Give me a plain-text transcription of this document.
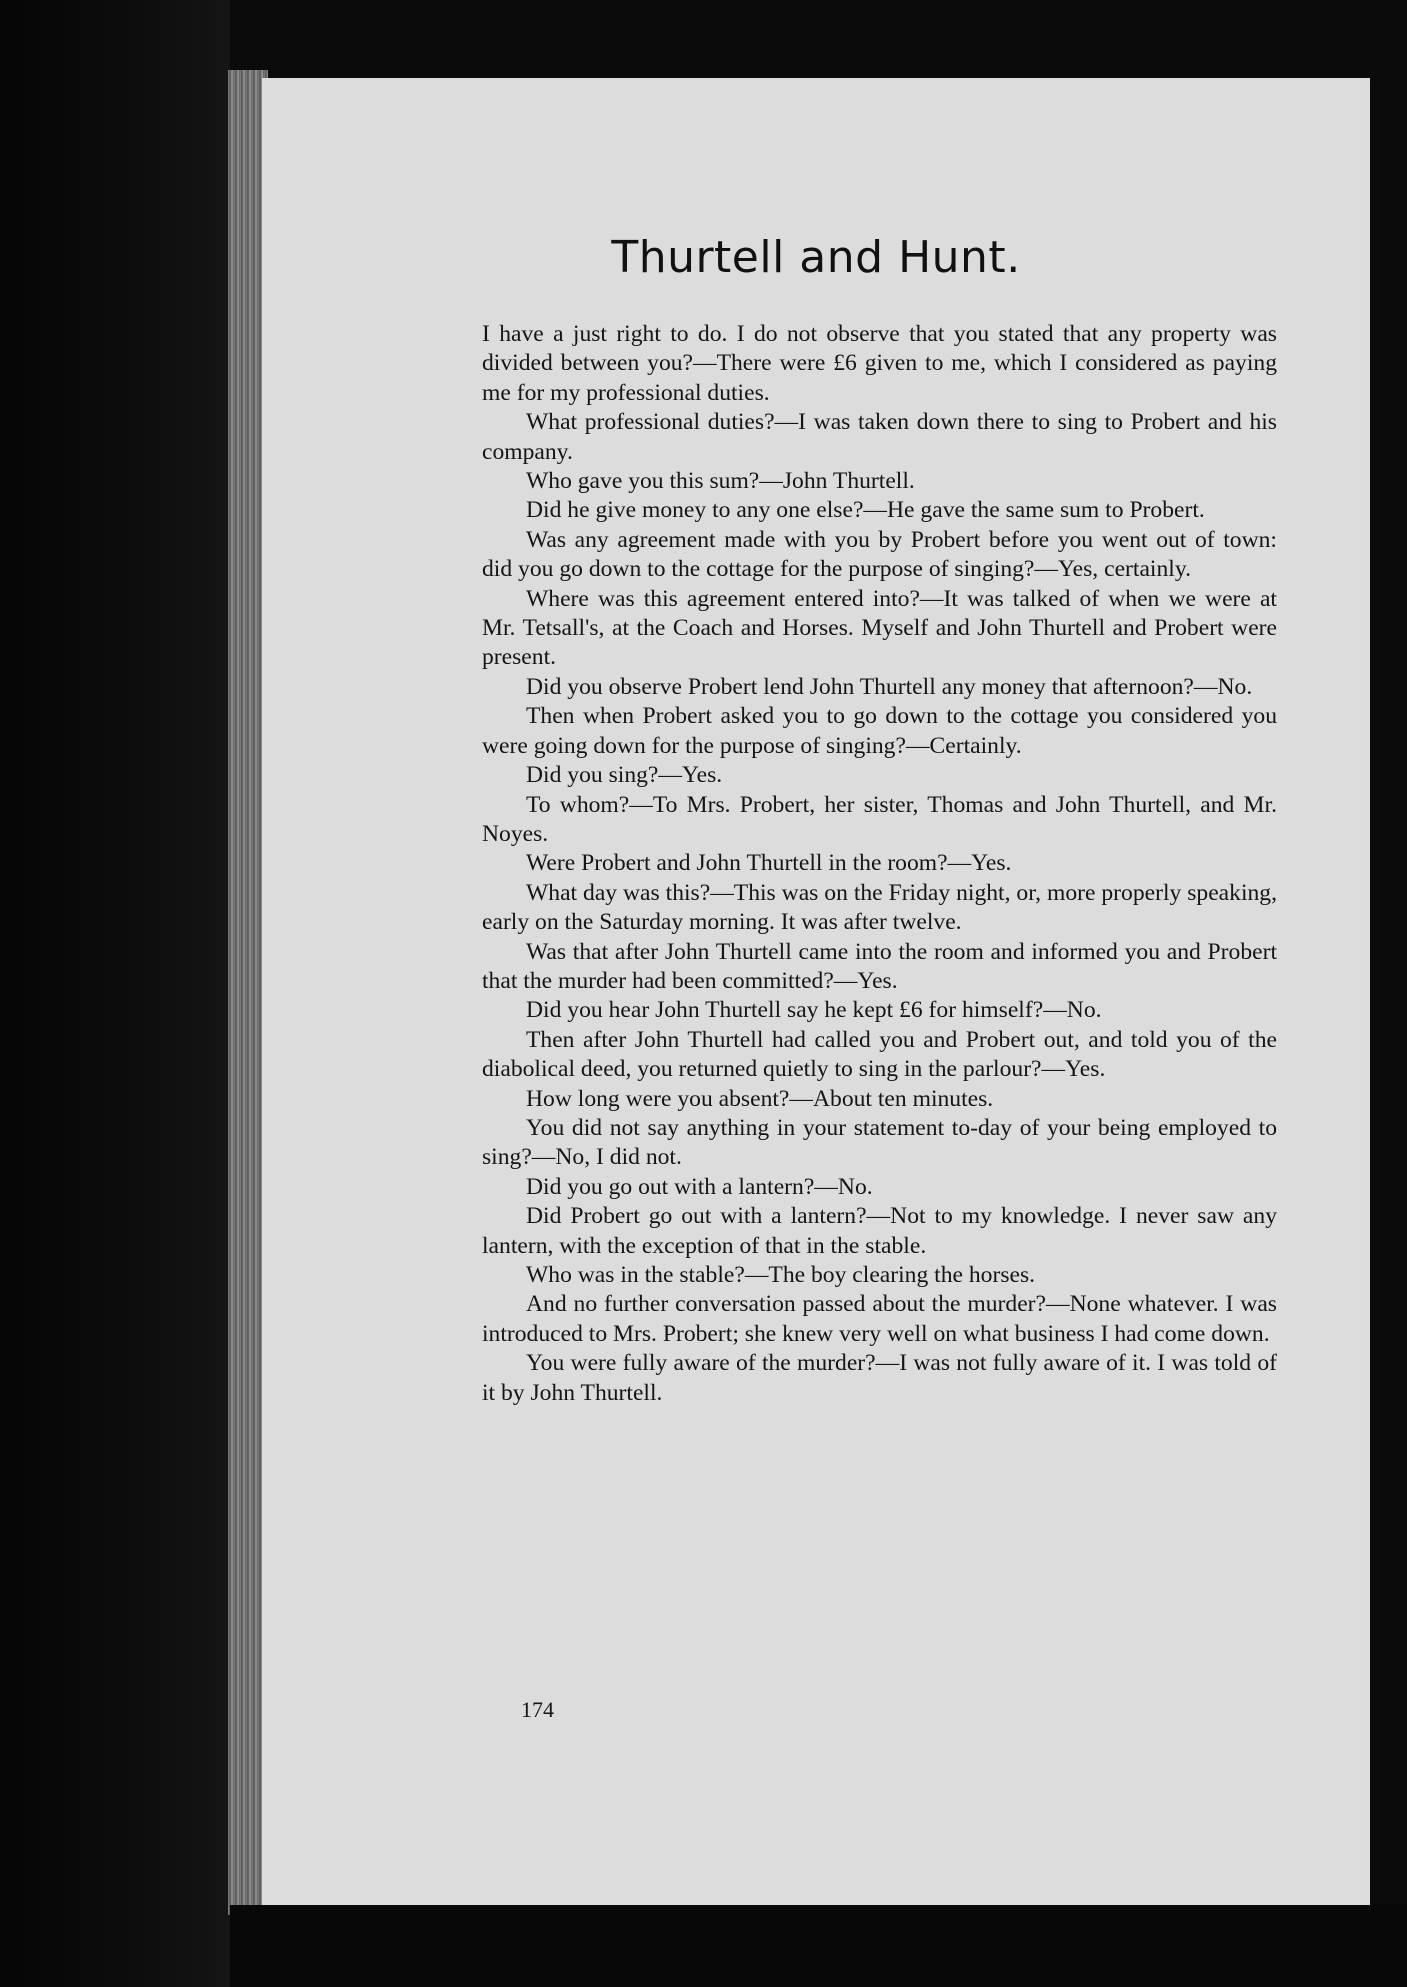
Thurtell and Hunt.

I have a just right to do. I do not observe that you stated that any property was divided between you?—There were £6 given to me, which I considered as paying me for my professional duties.

What professional duties?—I was taken down there to sing to Probert and his company.

Who gave you this sum?—John Thurtell.

Did he give money to any one else?—He gave the same sum to Probert.

Was any agreement made with you by Probert before you went out of town: did you go down to the cottage for the purpose of singing?—Yes, certainly.

Where was this agreement entered into?—It was talked of when we were at Mr. Tetsall's, at the Coach and Horses. Myself and John Thurtell and Probert were present.

Did you observe Probert lend John Thurtell any money that afternoon?—No.

Then when Probert asked you to go down to the cottage you considered you were going down for the purpose of singing?—Certainly.

Did you sing?—Yes.

To whom?—To Mrs. Probert, her sister, Thomas and John Thurtell, and Mr. Noyes.

Were Probert and John Thurtell in the room?—Yes.

What day was this?—This was on the Friday night, or, more properly speaking, early on the Saturday morning. It was after twelve.

Was that after John Thurtell came into the room and informed you and Probert that the murder had been committed?—Yes.

Did you hear John Thurtell say he kept £6 for himself?—No.

Then after John Thurtell had called you and Probert out, and told you of the diabolical deed, you returned quietly to sing in the parlour?—Yes.

How long were you absent?—About ten minutes.

You did not say anything in your statement to-day of your being employed to sing?—No, I did not.

Did you go out with a lantern?—No.

Did Probert go out with a lantern?—Not to my knowledge. I never saw any lantern, with the exception of that in the stable.

Who was in the stable?—The boy clearing the horses.

And no further conversation passed about the murder?—None whatever. I was introduced to Mrs. Probert; she knew very well on what business I had come down.

You were fully aware of the murder?—I was not fully aware of it. I was told of it by John Thurtell.

174
